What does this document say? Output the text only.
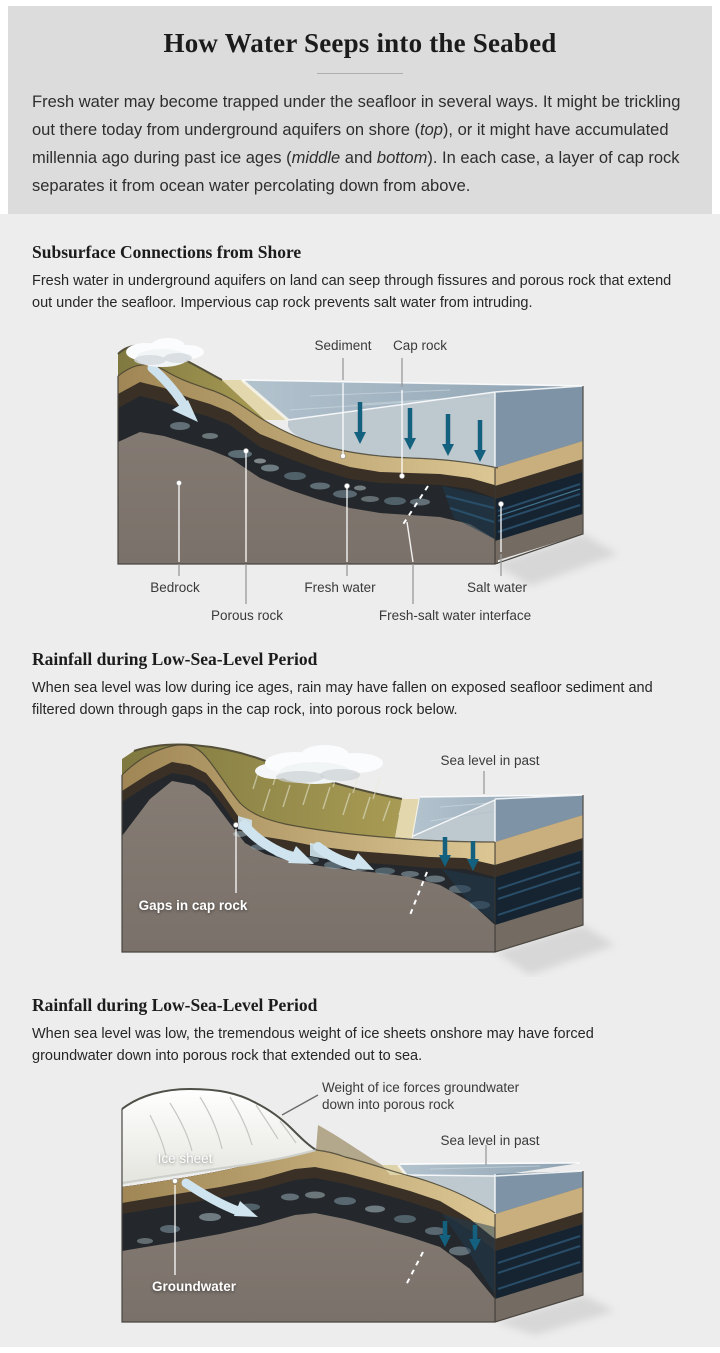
How Water Seeps into the Seabed

Fresh water may become trapped under the seafloor in several ways. It might be trickling out there today from underground aquifers on shore (top), or it might have accumulated millennia ago during past ice ages (middle and bottom). In each case, a layer of cap rock separates it from ocean water percolating down from above.

Subsurface Connections from Shore

Fresh water in underground aquifers on land can seep through fissures and porous rock that extend out under the seafloor. Impervious cap rock prevents salt water from intruding.

Sediment Cap rock
Bedrock
Porous rock
Fresh water	Salt water
Fresh-salt water interface
Rainfall during Low-Sea-Level Period

When sea level was low during ice ages, rain may have fallen on exposed seafloor sediment and filtered down through gaps in the cap rock, into porous rock below.

Sea level in past
Gaps in cap rock
Rainfall during Low-Sea-Level Period

When sea level was low, the tremendous weight of ice sheets onshore may have forced groundwater down into porous rock that extended out to sea.

Weight of ice forces groundwater down into porous rock
Sea level in past
Ice sheet
Groundwater
